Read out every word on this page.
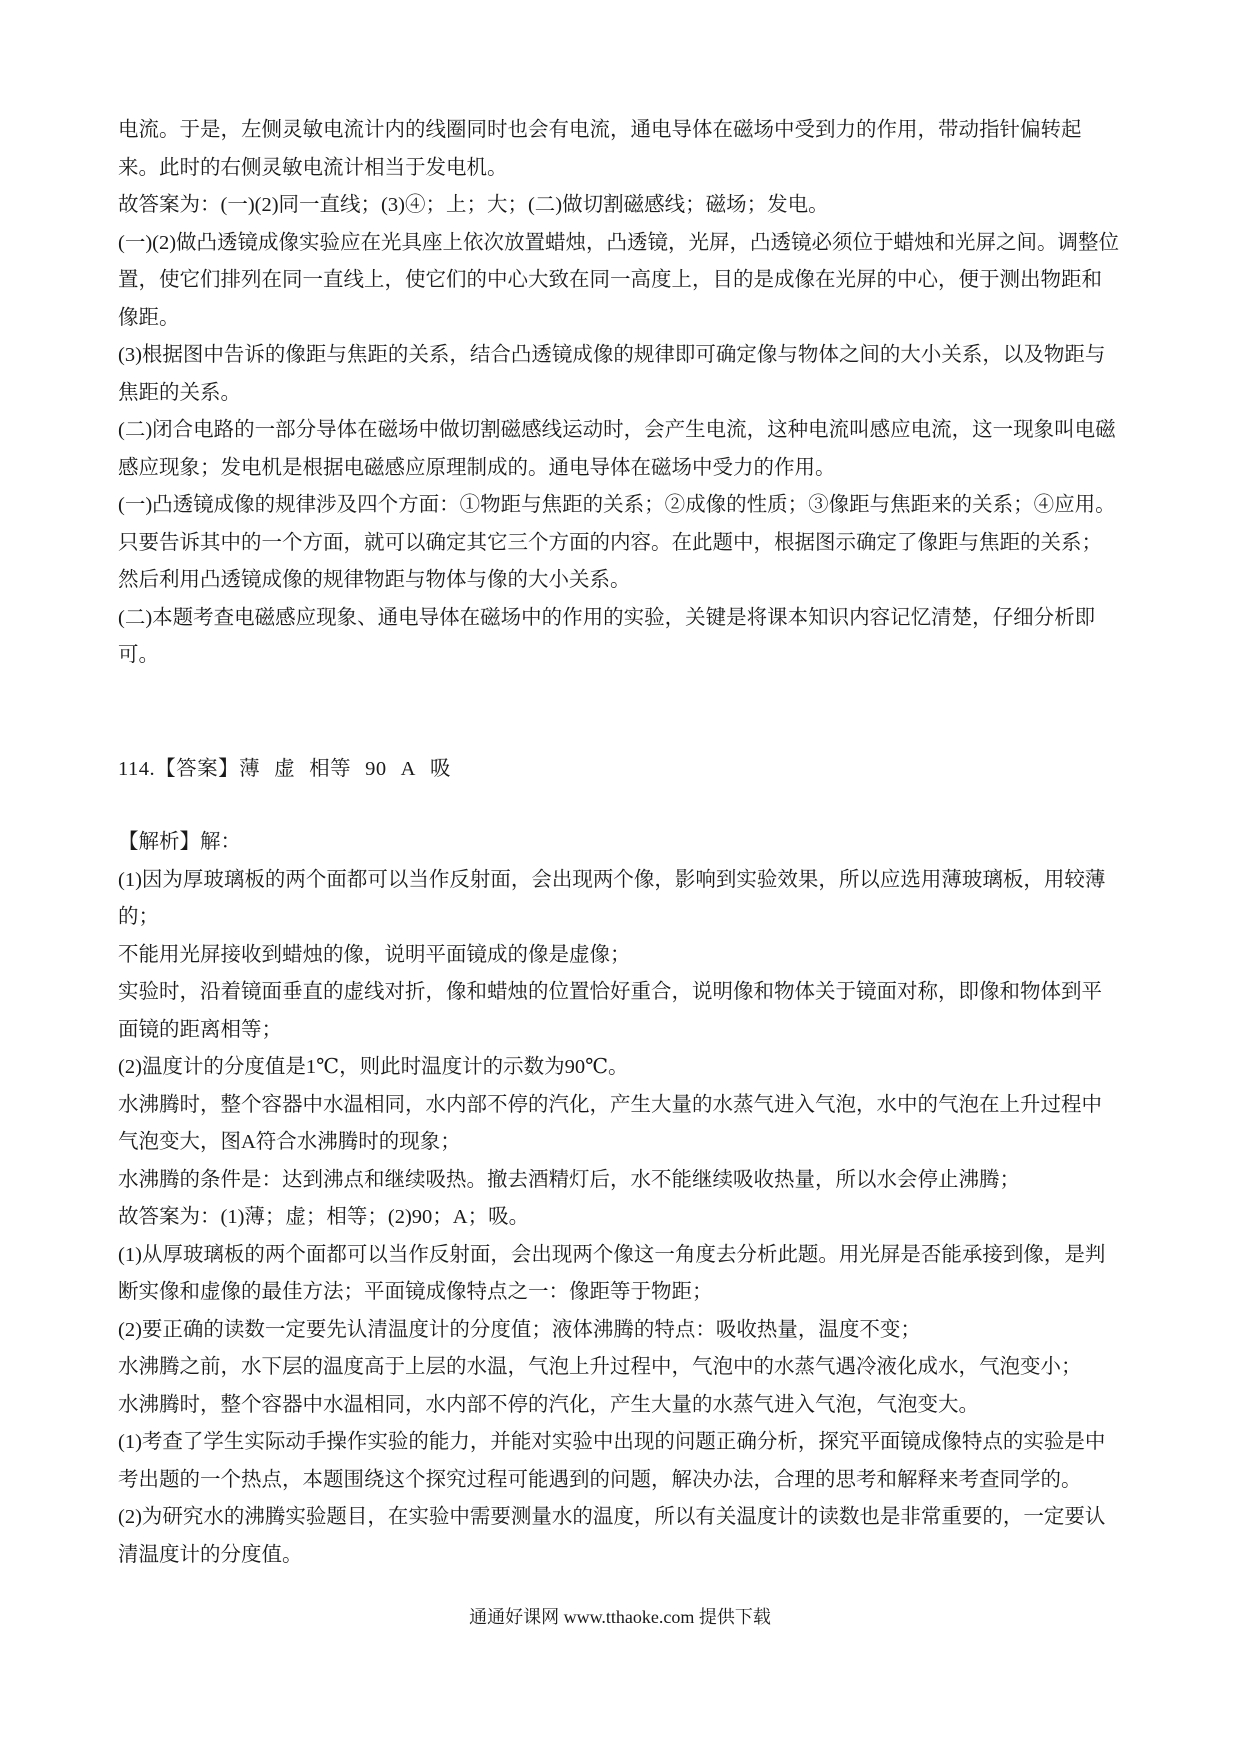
电流。于是，左侧灵敏电流计内的线圈同时也会有电流，通电导体在磁场中受到力的作用，带动指针偏转起来。此时的右侧灵敏电流计相当于发电机。

故答案为：(一)(2)同一直线；(3)④；上；大；(二)做切割磁感线；磁场；发电。

(一)(2)做凸透镜成像实验应在光具座上依次放置蜡烛，凸透镜，光屏，凸透镜必须位于蜡烛和光屏之间。调整位置，使它们排列在同一直线上，使它们的中心大致在同一高度上，目的是成像在光屏的中心，便于测出物距和像距。

(3)根据图中告诉的像距与焦距的关系，结合凸透镜成像的规律即可确定像与物体之间的大小关系，以及物距与焦距的关系。

(二)闭合电路的一部分导体在磁场中做切割磁感线运动时，会产生电流，这种电流叫感应电流，这一现象叫电磁感应现象；发电机是根据电磁感应原理制成的。通电导体在磁场中受力的作用。

(一)凸透镜成像的规律涉及四个方面：①物距与焦距的关系；②成像的性质；③像距与焦距来的关系；④应用。只要告诉其中的一个方面，就可以确定其它三个方面的内容。在此题中，根据图示确定了像距与焦距的关系；然后利用凸透镜成像的规律物距与物体与像的大小关系。

(二)本题考查电磁感应现象、通电导体在磁场中的作用的实验，关键是将课本知识内容记忆清楚，仔细分析即可。

114.【答案】薄 虚 相等 90 A 吸

【解析】解：

(1)因为厚玻璃板的两个面都可以当作反射面，会出现两个像，影响到实验效果，所以应选用薄玻璃板，用较薄的；

不能用光屏接收到蜡烛的像，说明平面镜成的像是虚像；

实验时，沿着镜面垂直的虚线对折，像和蜡烛的位置恰好重合，说明像和物体关于镜面对称，即像和物体到平面镜的距离相等；

(2)温度计的分度值是1℃，则此时温度计的示数为90℃。

水沸腾时，整个容器中水温相同，水内部不停的汽化，产生大量的水蒸气进入气泡，水中的气泡在上升过程中气泡变大，图A符合水沸腾时的现象；

水沸腾的条件是：达到沸点和继续吸热。撤去酒精灯后，水不能继续吸收热量，所以水会停止沸腾；

故答案为：(1)薄；虚；相等；(2)90；A；吸。

(1)从厚玻璃板的两个面都可以当作反射面，会出现两个像这一角度去分析此题。用光屏是否能承接到像，是判断实像和虚像的最佳方法；平面镜成像特点之一：像距等于物距；

(2)要正确的读数一定要先认清温度计的分度值；液体沸腾的特点：吸收热量，温度不变；

水沸腾之前，水下层的温度高于上层的水温，气泡上升过程中，气泡中的水蒸气遇冷液化成水，气泡变小；

水沸腾时，整个容器中水温相同，水内部不停的汽化，产生大量的水蒸气进入气泡，气泡变大。

(1)考查了学生实际动手操作实验的能力，并能对实验中出现的问题正确分析，探究平面镜成像特点的实验是中考出题的一个热点，本题围绕这个探究过程可能遇到的问题，解决办法，合理的思考和解释来考查同学的。

(2)为研究水的沸腾实验题目，在实验中需要测量水的温度，所以有关温度计的读数也是非常重要的，一定要认清温度计的分度值。

通通好课网 www.tthaoke.com 提供下载
